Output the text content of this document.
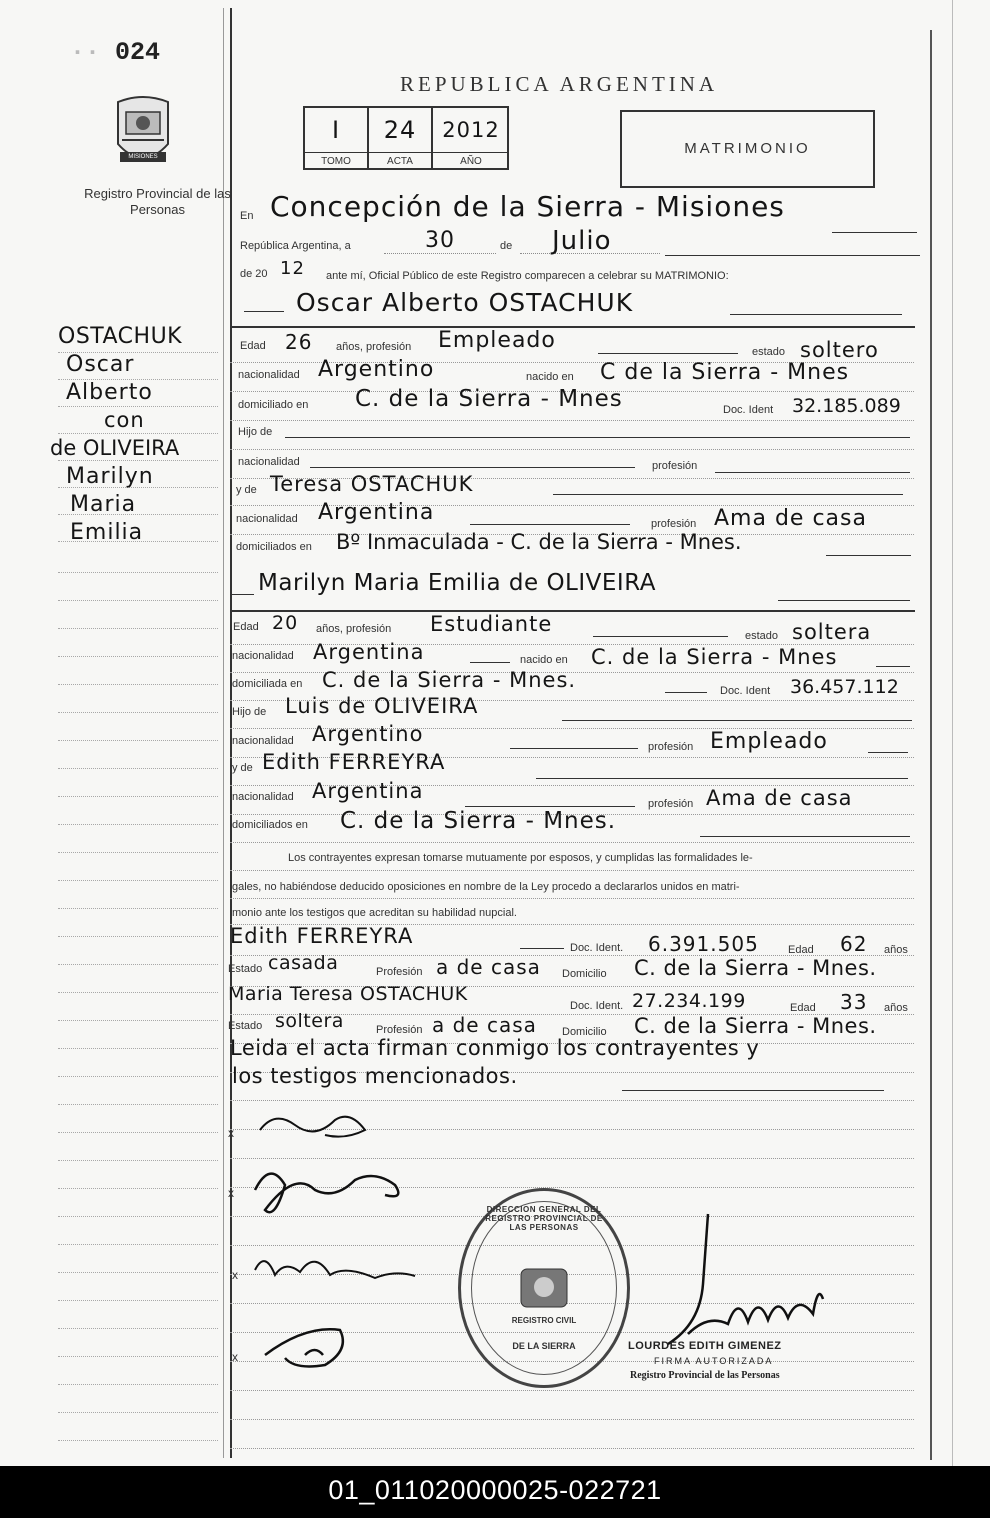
·· 024
MISIONES
Registro Provincial de las Personas
REPUBLICA ARGENTINA
I	24	2012
TOMO	ACTA	AÑO
MATRIMONIO
En Concepción de la Sierra - Misiones
República Argentina, a	30	de Julio
de 20 12 ante mí, Oficial Público de este Registro comparecen a celebrar su MATRIMONIO:
Oscar Alberto OSTACHUK
Edad 26 años, profesión Empleado	estado soltero
nacionalidad Argentino	nacido en C de la Sierra - Mnes
domiciliado en C. de la Sierra - Mnes	Doc. Ident 32.185.089
Hijo de
nacionalidad	profesión
y de Teresa OSTACHUK
nacionalidad Argentina	profesión Ama de casa
domiciliados en Bº Inmaculada - C. de la Sierra - Mnes.
Marilyn Maria Emilia de OLIVEIRA
Edad 20 años, profesión Estudiante	estado soltera
nacionalidad Argentina	nacido en C. de la Sierra - Mnes
domiciliada en C. de la Sierra - Mnes.	Doc. Ident 36.457.112
Hijo de Luis de OLIVEIRA
nacionalidad Argentino
profesión Empleado
y de Edith FERREYRA
nacionalidad Argentina
profesión Ama de casa
domiciliados en C. de la Sierra - Mnes.
Los contrayentes expresan tomarse mutuamente por esposos, y cumplidas las formalidades le-
gales, no habiéndose deducido oposiciones en nombre de la Ley procedo a declararlos unidos en matri-
monio ante los testigos que acreditan su habilidad nupcial.
Edith FERREYRA	Doc. Ident. 6.391.505	Edad 62 años
Estado casada	Profesión a de casa Domicilio C. de la Sierra - Mnes.
Maria Teresa OSTACHUK
Doc. Ident. 27.234.199	Edad 33 años
Estado soltera	Profesión a de casa Domicilio C. de la Sierra - Mnes.
Leida el acta firman conmigo los contrayentes y
los testigos mencionados.
x
x
x
x
DIRECCION GENERAL DEL REGISTRO PROVINCIAL DE LAS PERSONAS
REGISTRO CIVIL
DE LA SIERRA	LOURDES EDITH GIMENEZ
FIRMA AUTORIZADA
Registro Provincial de las Personas
OSTACHUK
Oscar
Alberto
con
de OLIVEIRA
Marilyn
Maria
Emilia
01_011020000025-022721
